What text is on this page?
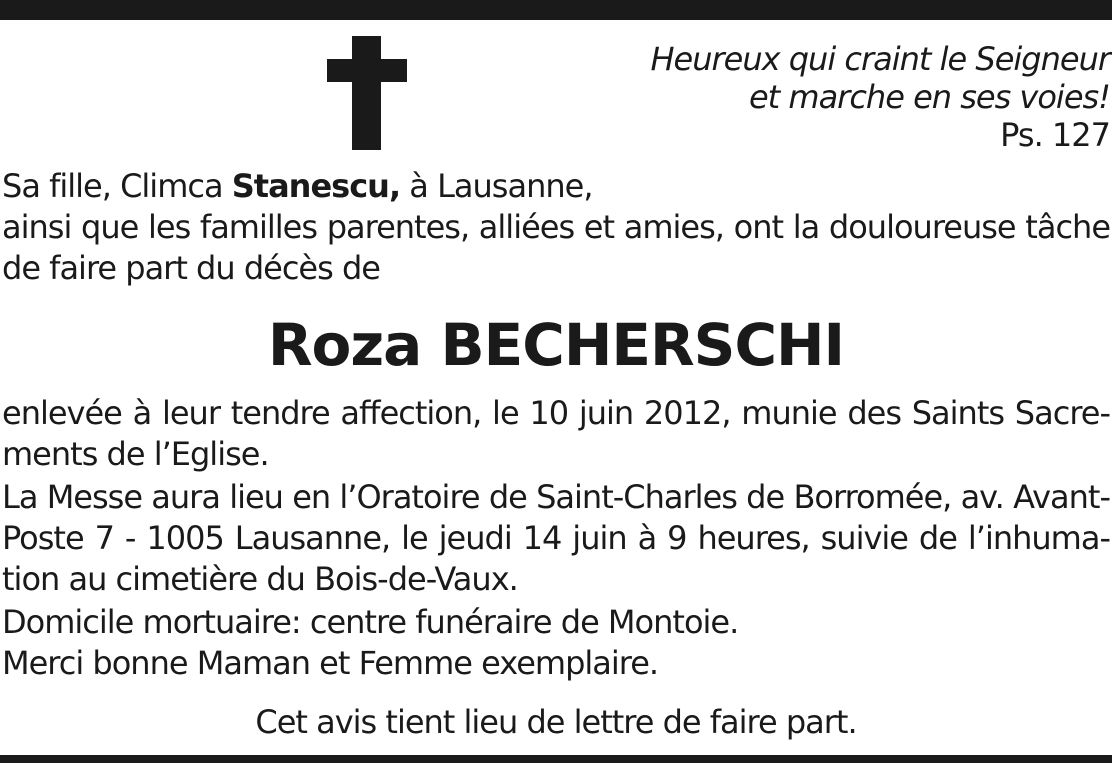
Heureux qui craint le Seigneur
et marche en ses voies!
Ps. 127
Sa fille, Climca Stanescu, à Lausanne,
ainsi que les familles parentes, alliées et amies, ont la douloureuse tâche
de faire part du décès de
Roza BECHERSCHI
enlevée à leur tendre affection, le 10 juin 2012, munie des Saints Sacre-
ments de l’Eglise.
La Messe aura lieu en l’Oratoire de Saint-Charles de Borromée, av. Avant-
Poste 7 - 1005 Lausanne, le jeudi 14 juin à 9 heures, suivie de l’inhuma-
tion au cimetière du Bois-de-Vaux.
Domicile mortuaire: centre funéraire de Montoie.
Merci bonne Maman et Femme exemplaire.
Cet avis tient lieu de lettre de faire part.
